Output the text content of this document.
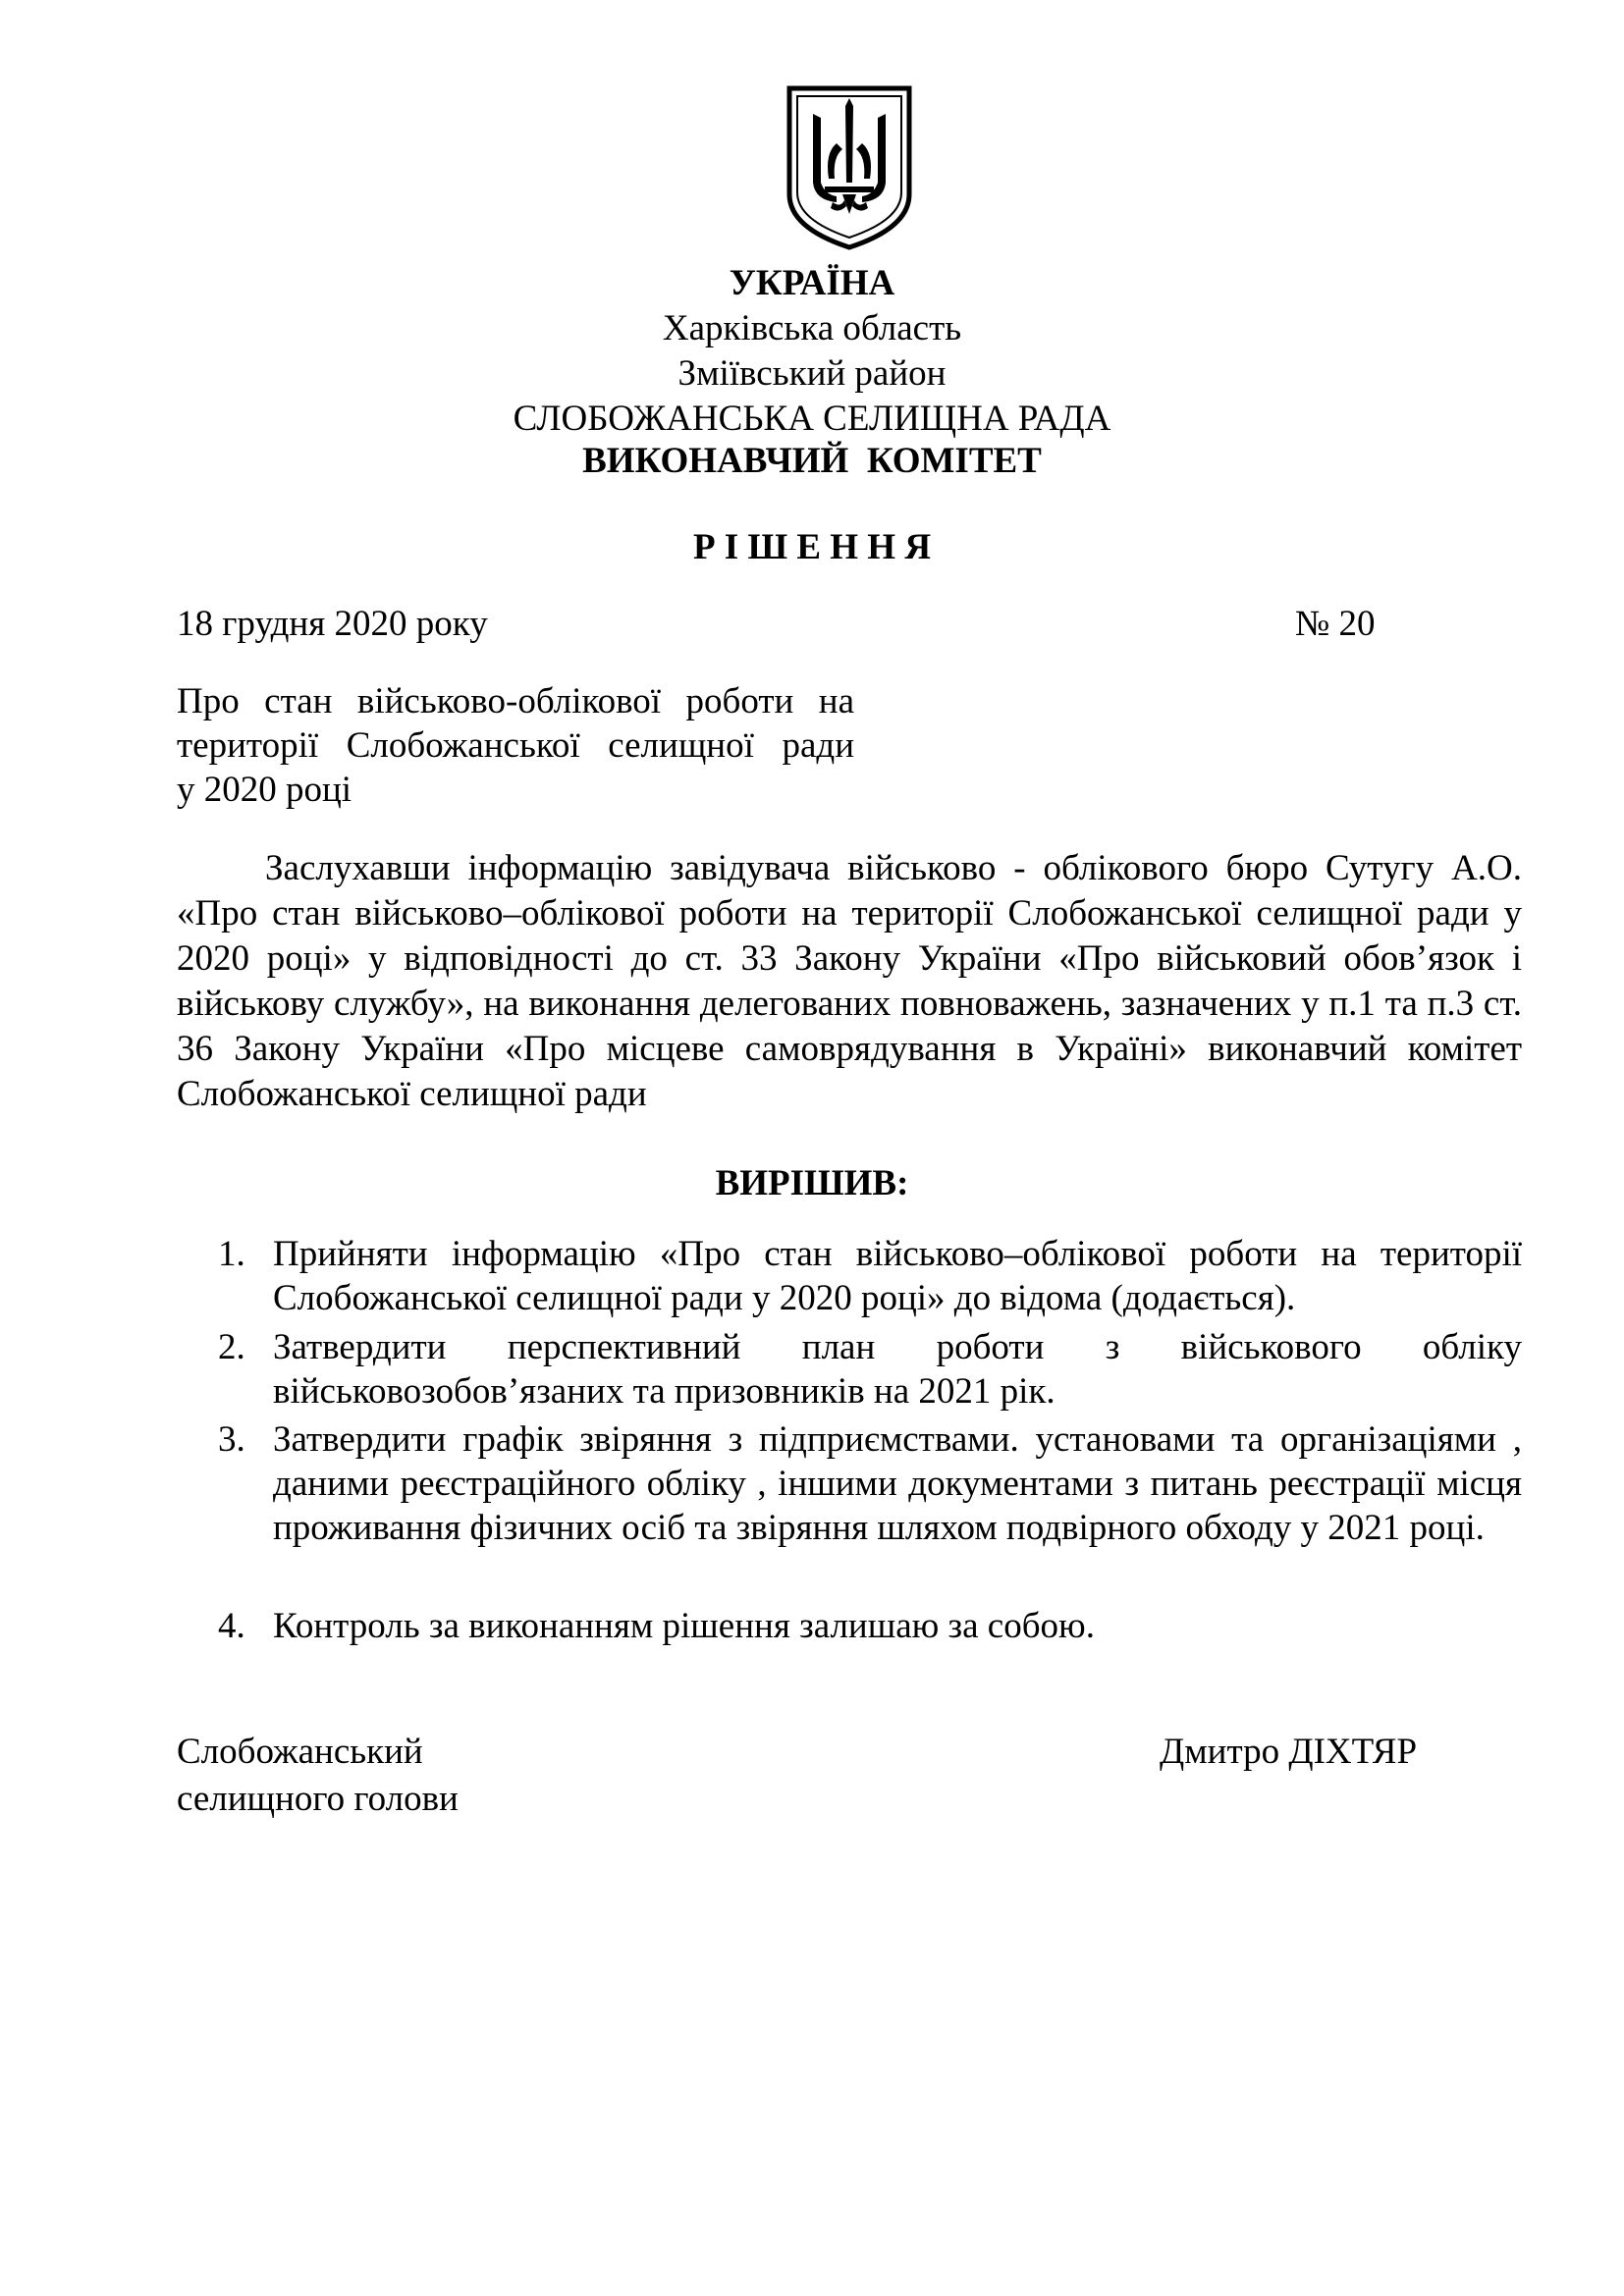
УКРАЇНА
Харківська область
Зміївський район
СЛОБОЖАНСЬКА СЕЛИЩНА РАДА
ВИКОНАВЧИЙ  КОМІТЕТ
Р І Ш Е Н Н Я
18 грудня 2020 року	№ 20
Про стан військово-облікової роботи на
території Слобожанської селищної ради
у 2020 році
Заслухавши інформацію завідувача військово - облікового бюро Сутугу А.О. «Про стан військово–облікової роботи на території Слобожанської селищної ради у 2020 році» у відповідності до ст. 33 Закону України «Про військовий обов’язок і військову службу», на виконання делегованих повноважень, зазначених у п.1 та п.3 ст. 36 Закону України «Про місцеве самоврядування в Україні» виконавчий комітет Слобожанської селищної ради
ВИРІШИВ:
1. Прийняти інформацію «Про стан військово–облікової роботи на території Слобожанської селищної ради у 2020 році» до відома (додається).
2. Затвердити перспективний план роботи з військового обліку військовозобов’язаних та призовників на 2021 рік.
3. Затвердити графік звіряння з підприємствами. установами та організаціями , даними реєстраційного обліку , іншими документами з питань реєстрації місця проживання фізичних осіб та звіряння шляхом подвірного обходу у 2021 році.
4. Контроль за виконанням рішення залишаю за собою.
Слобожанський
селищного голови
Дмитро ДІХТЯР
